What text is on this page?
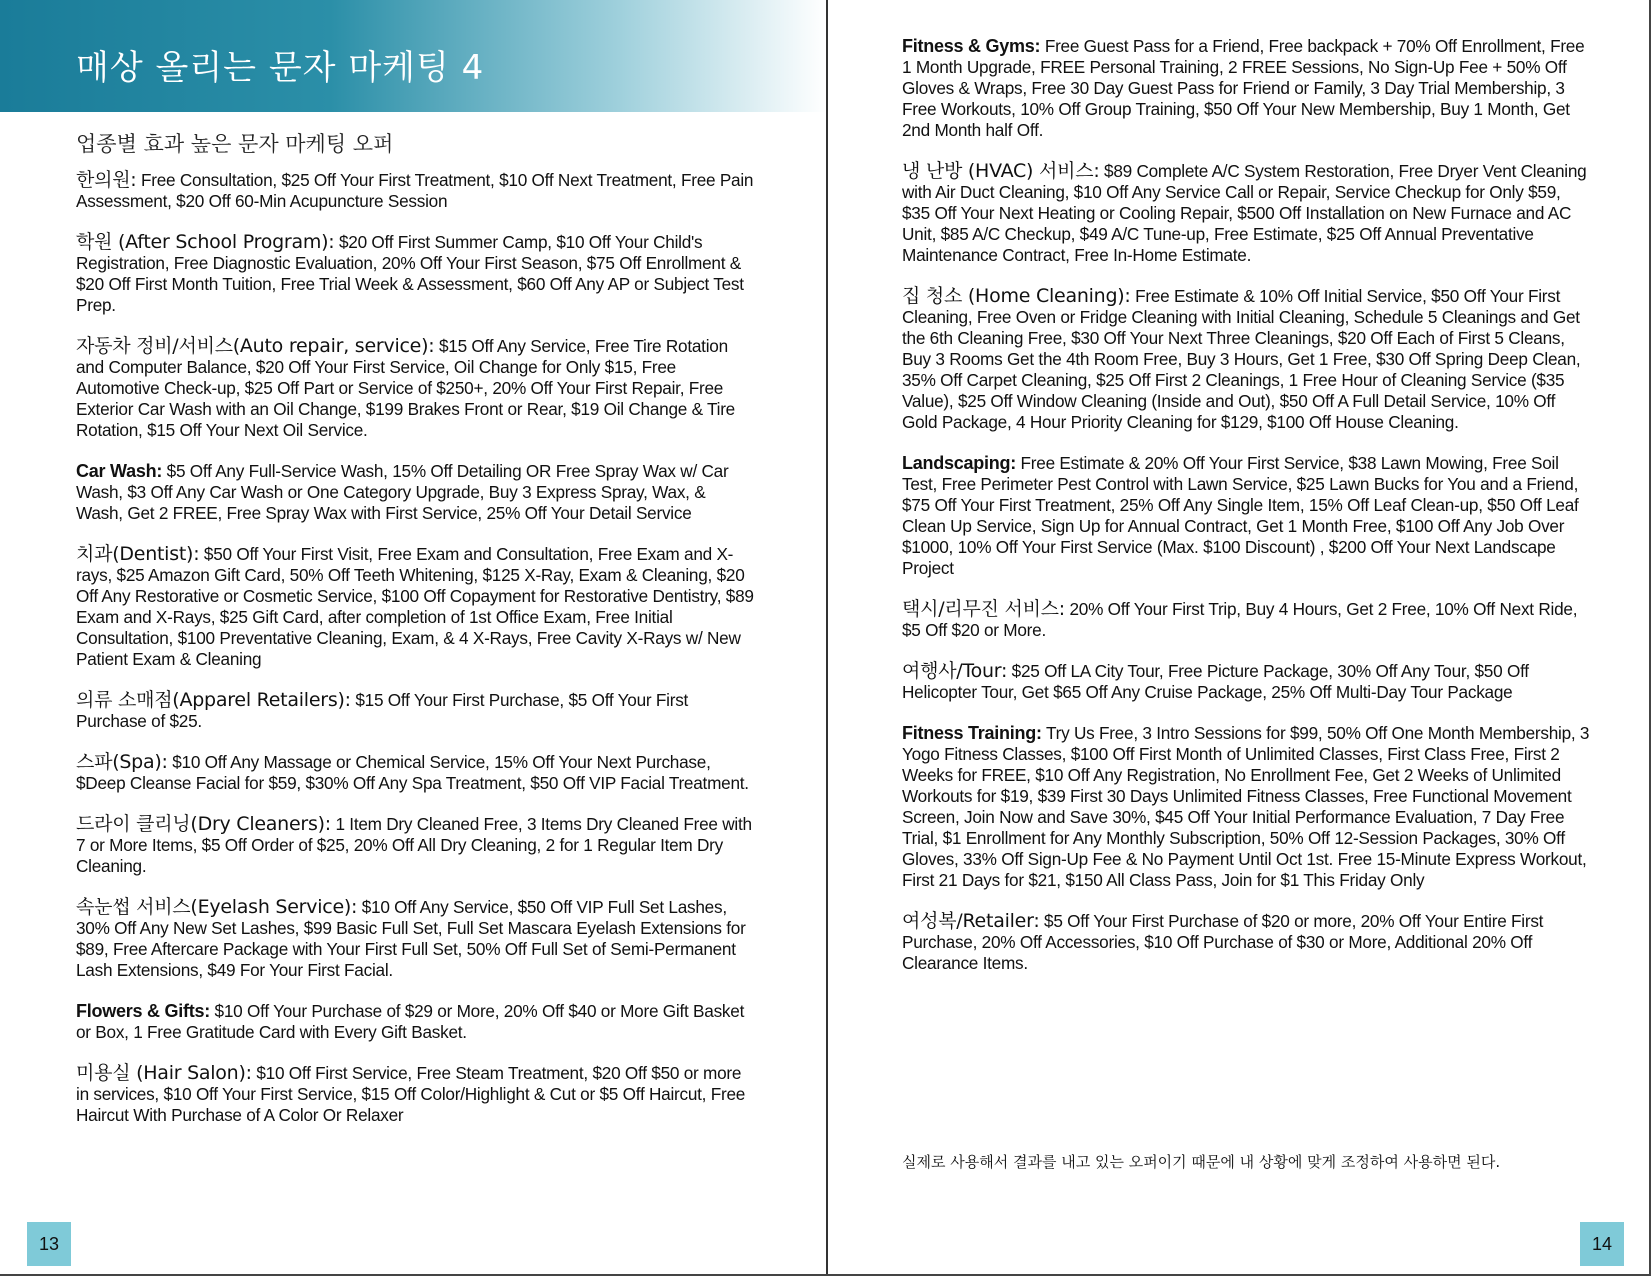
매상 올리는 문자 마케팅 4
업종별 효과 높은 문자 마케팅 오퍼

한의원: Free Consultation, $25 Off Your First Treatment, $10 Off Next Treatment, Free Pain Assessment, $20 Off 60-Min Acupuncture Session

학원 (After School Program): $20 Off First Summer Camp, $10 Off Your Child's Registration, Free Diagnostic Evaluation, 20% Off Your First Season, $75 Off Enrollment & $20 Off First Month Tuition, Free Trial Week & Assessment, $60 Off Any AP or Subject Test Prep.

자동차 정비/서비스(Auto repair, service): $15 Off Any Service, Free Tire Rotation and Computer Balance, $20 Off Your First Service, Oil Change for Only $15, Free Automotive Check-up, $25 Off Part or Service of $250+, 20% Off Your First Repair, Free Exterior Car Wash with an Oil Change, $199 Brakes Front or Rear, $19 Oil Change & Tire Rotation, $15 Off Your Next Oil Service.

Car Wash: $5 Off Any Full-Service Wash, 15% Off Detailing OR Free Spray Wax w/ Car Wash, $3 Off Any Car Wash or One Category Upgrade, Buy 3 Express Spray, Wax, & Wash, Get 2 FREE, Free Spray Wax with First Service, 25% Off Your Detail Service

치과(Dentist): $50 Off Your First Visit, Free Exam and Consultation, Free Exam and X-rays, $25 Amazon Gift Card, 50% Off Teeth Whitening, $125 X-Ray, Exam & Cleaning, $20 Off Any Restorative or Cosmetic Service, $100 Off Copayment for Restorative Dentistry, $89 Exam and X-Rays, $25 Gift Card, after completion of 1st Office Exam, Free Initial Consultation, $100 Preventative Cleaning, Exam, & 4 X-Rays, Free Cavity X-Rays w/ New Patient Exam & Cleaning

의류 소매점(Apparel Retailers): $15 Off Your First Purchase, $5 Off Your First Purchase of $25.

스파(Spa): $10 Off Any Massage or Chemical Service, 15% Off Your Next Purchase, $Deep Cleanse Facial for $59, $30% Off Any Spa Treatment, $50 Off VIP Facial Treatment.

드라이 클리닝(Dry Cleaners): 1 Item Dry Cleaned Free, 3 Items Dry Cleaned Free with 7 or More Items, $5 Off Order of $25, 20% Off All Dry Cleaning, 2 for 1 Regular Item Dry Cleaning.

속눈썹 서비스(Eyelash Service): $10 Off Any Service, $50 Off VIP Full Set Lashes, 30% Off Any New Set Lashes, $99 Basic Full Set, Full Set Mascara Eyelash Extensions for $89, Free Aftercare Package with Your First Full Set, 50% Off Full Set of Semi-Permanent Lash Extensions, $49 For Your First Facial.

Flowers & Gifts: $10 Off Your Purchase of $29 or More, 20% Off $40 or More Gift Basket or Box, 1 Free Gratitude Card with Every Gift Basket.

미용실 (Hair Salon): $10 Off First Service, Free Steam Treatment, $20 Off $50 or more in services, $10 Off Your First Service, $15 Off Color/Highlight & Cut or $5 Off Haircut, Free Haircut With Purchase of A Color Or Relaxer

13

Fitness & Gyms: Free Guest Pass for a Friend, Free backpack + 70% Off Enrollment, Free 1 Month Upgrade, FREE Personal Training, 2 FREE Sessions, No Sign-Up Fee + 50% Off Gloves & Wraps, Free 30 Day Guest Pass for Friend or Family, 3 Day Trial Membership, 3 Free Workouts, 10% Off Group Training, $50 Off Your New Membership, Buy 1 Month, Get 2nd Month half Off.

냉 난방 (HVAC) 서비스: $89 Complete A/C System Restoration, Free Dryer Vent Cleaning with Air Duct Cleaning, $10 Off Any Service Call or Repair, Service Checkup for Only $59, $35 Off Your Next Heating or Cooling Repair, $500 Off Installation on New Furnace and AC Unit, $85 A/C Checkup, $49 A/C Tune-up, Free Estimate, $25 Off Annual Preventative Maintenance Contract, Free In-Home Estimate.

집 청소 (Home Cleaning): Free Estimate & 10% Off Initial Service, $50 Off Your First Cleaning, Free Oven or Fridge Cleaning with Initial Cleaning, Schedule 5 Cleanings and Get the 6th Cleaning Free, $30 Off Your Next Three Cleanings, $20 Off Each of First 5 Cleans, Buy 3 Rooms Get the 4th Room Free, Buy 3 Hours, Get 1 Free, $30 Off Spring Deep Clean, 35% Off Carpet Cleaning, $25 Off First 2 Cleanings, 1 Free Hour of Cleaning Service ($35 Value), $25 Off Window Cleaning (Inside and Out), $50 Off A Full Detail Service, 10% Off Gold Package, 4 Hour Priority Cleaning for $129, $100 Off House Cleaning.

Landscaping: Free Estimate & 20% Off Your First Service, $38 Lawn Mowing, Free Soil Test, Free Perimeter Pest Control with Lawn Service, $25 Lawn Bucks for You and a Friend, $75 Off Your First Treatment, 25% Off Any Single Item, 15% Off Leaf Clean-up, $50 Off Leaf Clean Up Service, Sign Up for Annual Contract, Get 1 Month Free, $100 Off Any Job Over $1000, 10% Off Your First Service (Max. $100 Discount) , $200 Off Your Next Landscape Project

택시/리무진 서비스: 20% Off Your First Trip, Buy 4 Hours, Get 2 Free, 10% Off Next Ride, $5 Off $20 or More.

여행사/Tour: $25 Off LA City Tour, Free Picture Package, 30% Off Any Tour, $50 Off Helicopter Tour, Get $65 Off Any Cruise Package, 25% Off Multi-Day Tour Package

Fitness Training: Try Us Free, 3 Intro Sessions for $99, 50% Off One Month Membership, 3 Yogo Fitness Classes, $100 Off First Month of Unlimited Classes, First Class Free, First 2 Weeks for FREE, $10 Off Any Registration, No Enrollment Fee, Get 2 Weeks of Unlimited Workouts for $19, $39 First 30 Days Unlimited Fitness Classes, Free Functional Movement Screen, Join Now and Save 30%, $45 Off Your Initial Performance Evaluation, 7 Day Free Trial, $1 Enrollment for Any Monthly Subscription, 50% Off 12-Session Packages, 30% Off Gloves, 33% Off Sign-Up Fee & No Payment Until Oct 1st. Free 15-Minute Express Workout, First 21 Days for $21, $150 All Class Pass, Join for $1 This Friday Only

여성복/Retailer: $5 Off Your First Purchase of $20 or more, 20% Off Your Entire First Purchase, 20% Off Accessories, $10 Off Purchase of $30 or More, Additional 20% Off Clearance Items.

실제로 사용해서 결과를 내고 있는 오퍼이기 때문에 내 상황에 맞게 조정하여 사용하면 된다.
14
